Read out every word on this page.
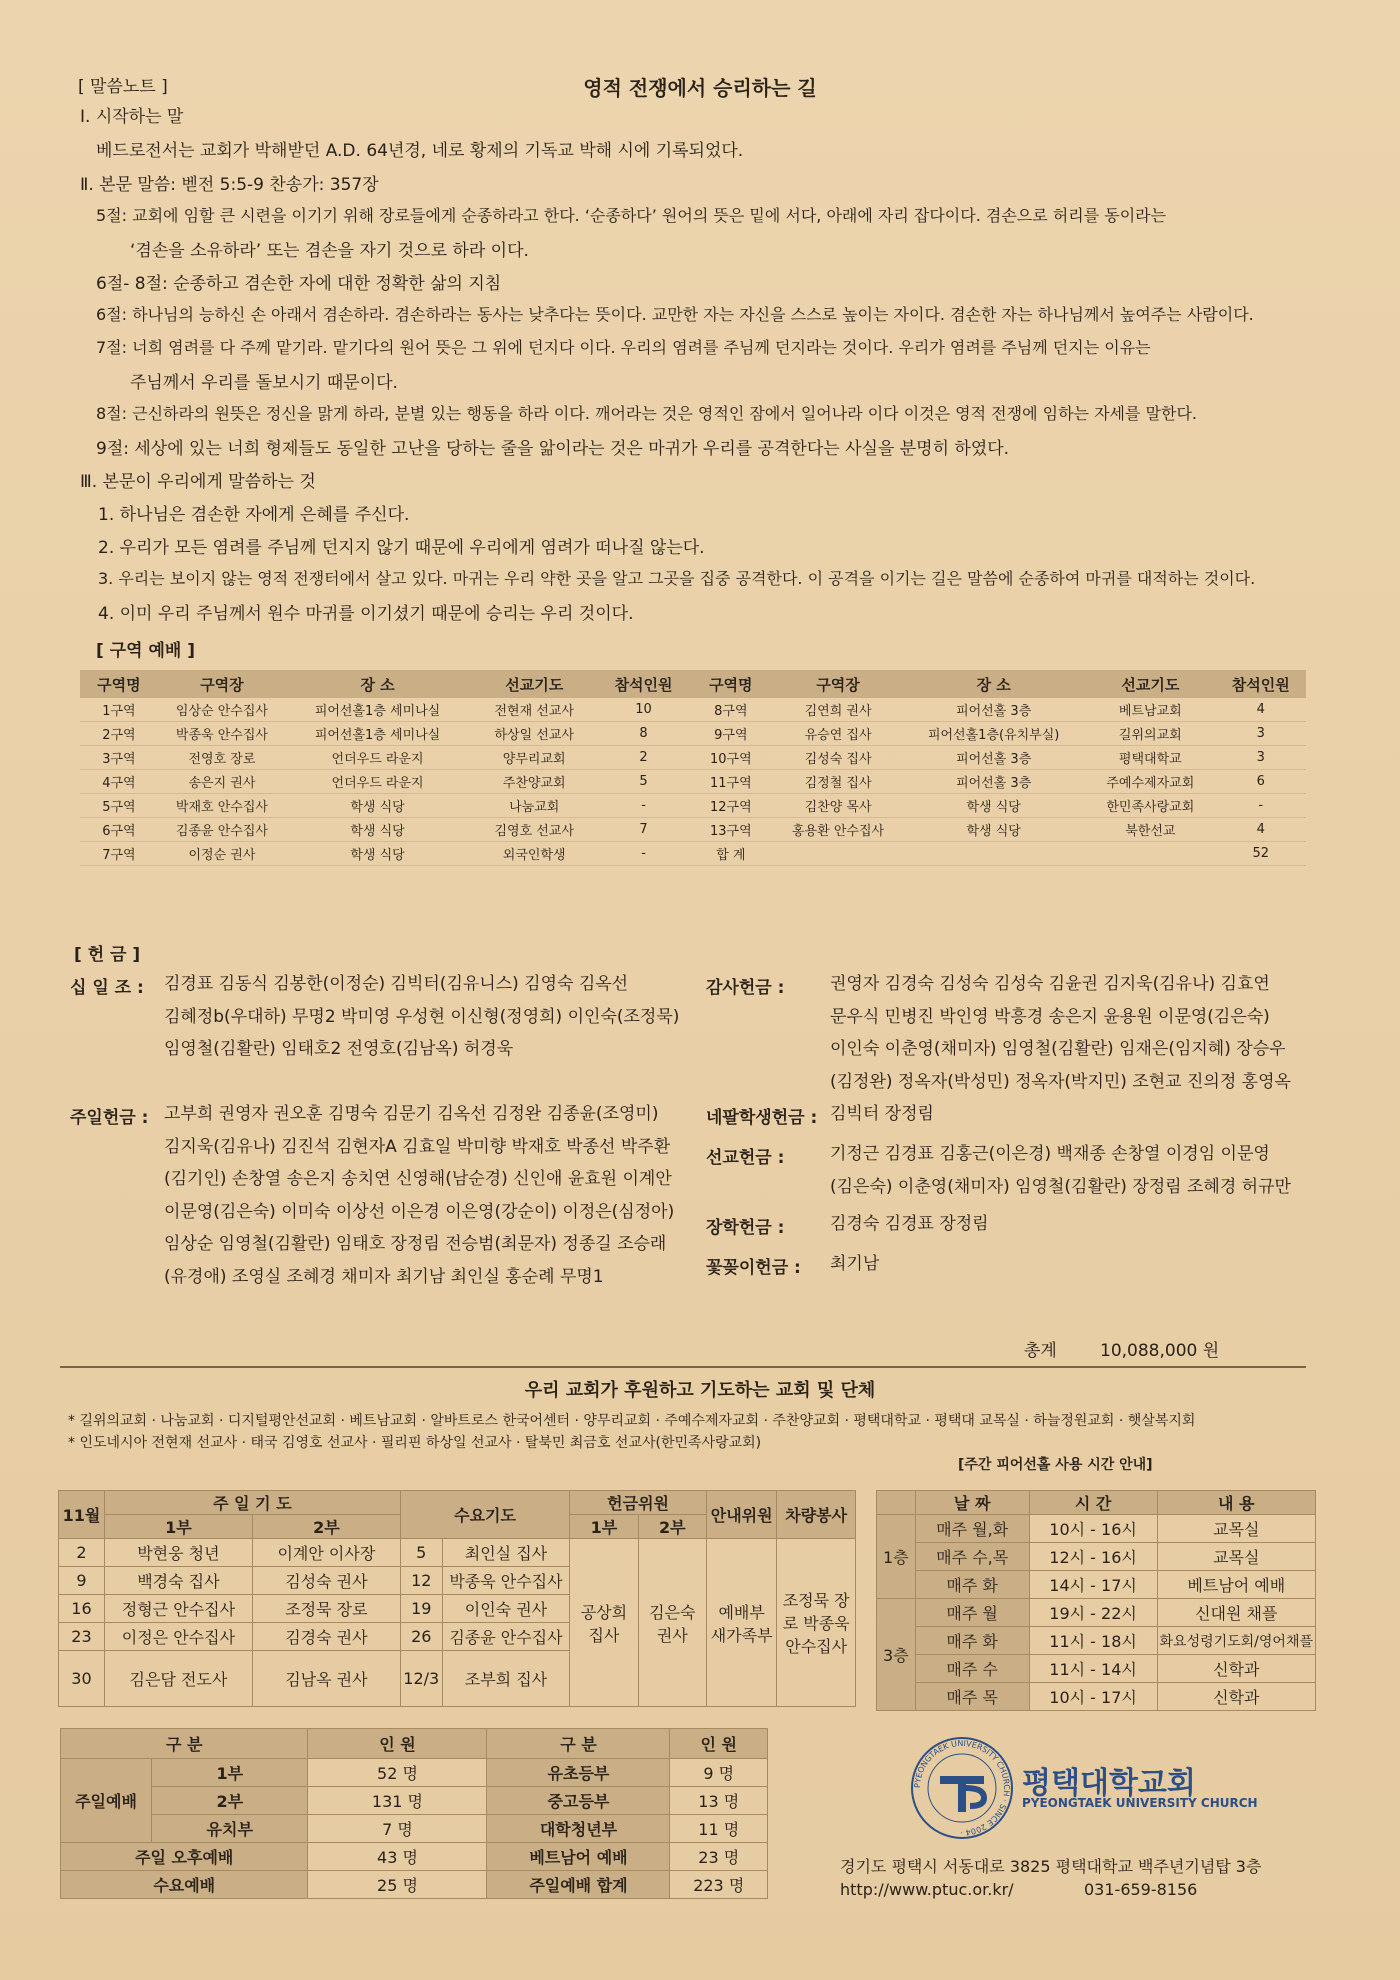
[ 말씀노트 ]	영적 전쟁에서 승리하는 길
Ⅰ. 시작하는 말
베드로전서는 교회가 박해받던 A.D. 64년경, 네로 황제의 기독교 박해 시에 기록되었다.
Ⅱ. 본문 말씀: 벧전 5:5-9 찬송가: 357장
5절: 교회에 임할 큰 시련을 이기기 위해 장로들에게 순종하라고 한다. ‘순종하다’ 원어의 뜻은 밑에 서다, 아래에 자리 잡다이다. 겸손으로 허리를 동이라는
‘겸손을 소유하라’ 또는 겸손을 자기 것으로 하라 이다.
6절- 8절: 순종하고 겸손한 자에 대한 정확한 삶의 지침
6절: 하나님의 능하신 손 아래서 겸손하라. 겸손하라는 동사는 낮추다는 뜻이다. 교만한 자는 자신을 스스로 높이는 자이다. 겸손한 자는 하나님께서 높여주는 사람이다.
7절: 너희 염려를 다 주께 맡기라. 맡기다의 원어 뜻은 그 위에 던지다 이다. 우리의 염려를 주님께 던지라는 것이다. 우리가 염려를 주님께 던지는 이유는
주님께서 우리를 돌보시기 때문이다.
8절: 근신하라의 원뜻은 정신을 맑게 하라, 분별 있는 행동을 하라 이다. 깨어라는 것은 영적인 잠에서 일어나라 이다 이것은 영적 전쟁에 임하는 자세를 말한다.
9절: 세상에 있는 너희 형제들도 동일한 고난을 당하는 줄을 앎이라는 것은 마귀가 우리를 공격한다는 사실을 분명히 하였다.
Ⅲ. 본문이 우리에게 말씀하는 것
1. 하나님은 겸손한 자에게 은혜를 주신다.
2. 우리가 모든 염려를 주님께 던지지 않기 때문에 우리에게 염려가 떠나질 않는다.
3. 우리는 보이지 않는 영적 전쟁터에서 살고 있다. 마귀는 우리 약한 곳을 알고 그곳을 집중 공격한다. 이 공격을 이기는 길은 말씀에 순종하여 마귀를 대적하는 것이다.
4. 이미 우리 주님께서 원수 마귀를 이기셨기 때문에 승리는 우리 것이다.
[ 구역 예배 ]
구역명	구역장	장 소	선교기도	참석인원	구역명	구역장	장 소	선교기도	참석인원
1구역	임상순 안수집사	피어선홀1층 세미나실	전현재 선교사	10	8구역	김연희 권사	피어선홀 3층	베트남교회	4
2구역	박종욱 안수집사	피어선홀1층 세미나실	하상일 선교사	8	9구역	유승연 집사	피어선홀1층(유치부실)	길위의교회	3
3구역	전영호 장로	언더우드 라운지	양무리교회	2	10구역	김성숙 집사	피어선홀 3층	평택대학교	3
4구역	송은지 권사	언더우드 라운지	주찬양교회	5	11구역	김정철 집사	피어선홀 3층	주예수제자교회	6
5구역	박재호 안수집사	학생 식당	나눔교회	-	12구역	김찬양 목사	학생 식당	한민족사랑교회	-
6구역	김종윤 안수집사	학생 식당	김영호 선교사	7	13구역	홍용환 안수집사	학생 식당	북한선교	4
7구역	이정순 권사	학생 식당	외국인학생	-	합 계				52
[ 헌 금 ]
십 일 조 : 김경표 김동식 김봉한(이정순) 김빅터(김유니스) 김영숙 김옥선
김혜정b(우대하) 무명2 박미영 우성현 이신형(정영희) 이인숙(조정묵)
임영철(김활란) 임태호2 전영호(김남옥) 허경욱
주일헌금 : 고부희 권영자 권오훈 김명숙 김문기 김옥선 김정완 김종윤(조영미)
김지욱(김유나) 김진석 김현자A 김효일 박미향 박재호 박종선 박주환
(김기인) 손창열 송은지 송치연 신영해(남순경) 신인애 윤효원 이계안
이문영(김은숙) 이미숙 이상선 이은경 이은영(강순이) 이정은(심정아)
임상순 임영철(김활란) 임태호 장정림 전승범(최문자) 정종길 조승래
(유경애) 조영실 조혜경 채미자 최기남 최인실 홍순례 무명1
감사헌금 :	권영자 김경숙 김성숙 김성숙 김윤권 김지욱(김유나) 김효연
문우식 민병진 박인영 박흥경 송은지 윤용원 이문영(김은숙)
이인숙 이춘영(채미자) 임영철(김활란) 임재은(임지혜) 장승우
(김정완) 정옥자(박성민) 정옥자(박지민) 조현교 진의정 홍영옥
네팔학생헌금 : 김빅터 장정림
선교헌금 :	기정근 김경표 김홍근(이은경) 백재종 손창열 이경임 이문영
(김은숙) 이춘영(채미자) 임영철(김활란) 장정림 조혜경 허규만
장학헌금 :	김경숙 김경표 장정림
꽃꽂이헌금 : 최기남
총계	10,088,000 원
우리 교회가 후원하고 기도하는 교회 및 단체
* 길위의교회 · 나눔교회 · 디지털평안선교회 · 베트남교회 · 알바트로스 한국어센터 · 양무리교회 · 주예수제자교회 · 주찬양교회 · 평택대학교 · 평택대 교목실 · 하늘정원교회 · 햇살복지회
* 인도네시아 전현재 선교사 · 태국 김영호 선교사 · 필리핀 하상일 선교사 · 탈북민 최금호 선교사(한민족사랑교회)
11월	주 일 기 도		수요기도		헌금위원		안내위원	차량봉사
	1부	2부			1부	2부		
2	박현웅 청년	이계안 이사장	5	최인실 집사	공상희 집사	김은숙 권사	예배부 새가족부	조정묵 장로 박종욱 안수집사
9	백경숙 집사	김성숙 권사	12	박종욱 안수집사				
16	정형근 안수집사	조정묵 장로	19	이인숙 권사				
23	이정은 안수집사	김경숙 권사	26	김종윤 안수집사				
30	김은담 전도사	김남옥 권사	12/3	조부희 집사				
[주간 피어선홀 사용 시간 안내]
	날 짜	시 간	내 용
1층	매주 월,화	10시 - 16시	교목실
	매주 수,목	12시 - 16시	교목실
	매주 화	14시 - 17시	베트남어 예배
3층	매주 월	19시 - 22시	신대원 채플
	매주 화	11시 - 18시	화요성령기도회/영어채플
	매주 수	11시 - 14시	신학과
	매주 목	10시 - 17시	신학과
구 분		인 원	구 분	인 원
주일예배	1부	52 명	유초등부	9 명
	2부	131 명	중고등부	13 명
	유치부	7 명	대학청년부	11 명
주일 오후예배		43 명	베트남어 예배	23 명
수요예배		25 명	주일예배 합계	223 명
PYEONGTAEK UNIVERSITY CHURCH · SINCE 2004 ·
평택대학교회
PYEONGTAEK UNIVERSITY CHURCH
경기도 평택시 서동대로 3825 평택대학교 백주년기념탑 3층
http://www.ptuc.or.kr/	031-659-8156
